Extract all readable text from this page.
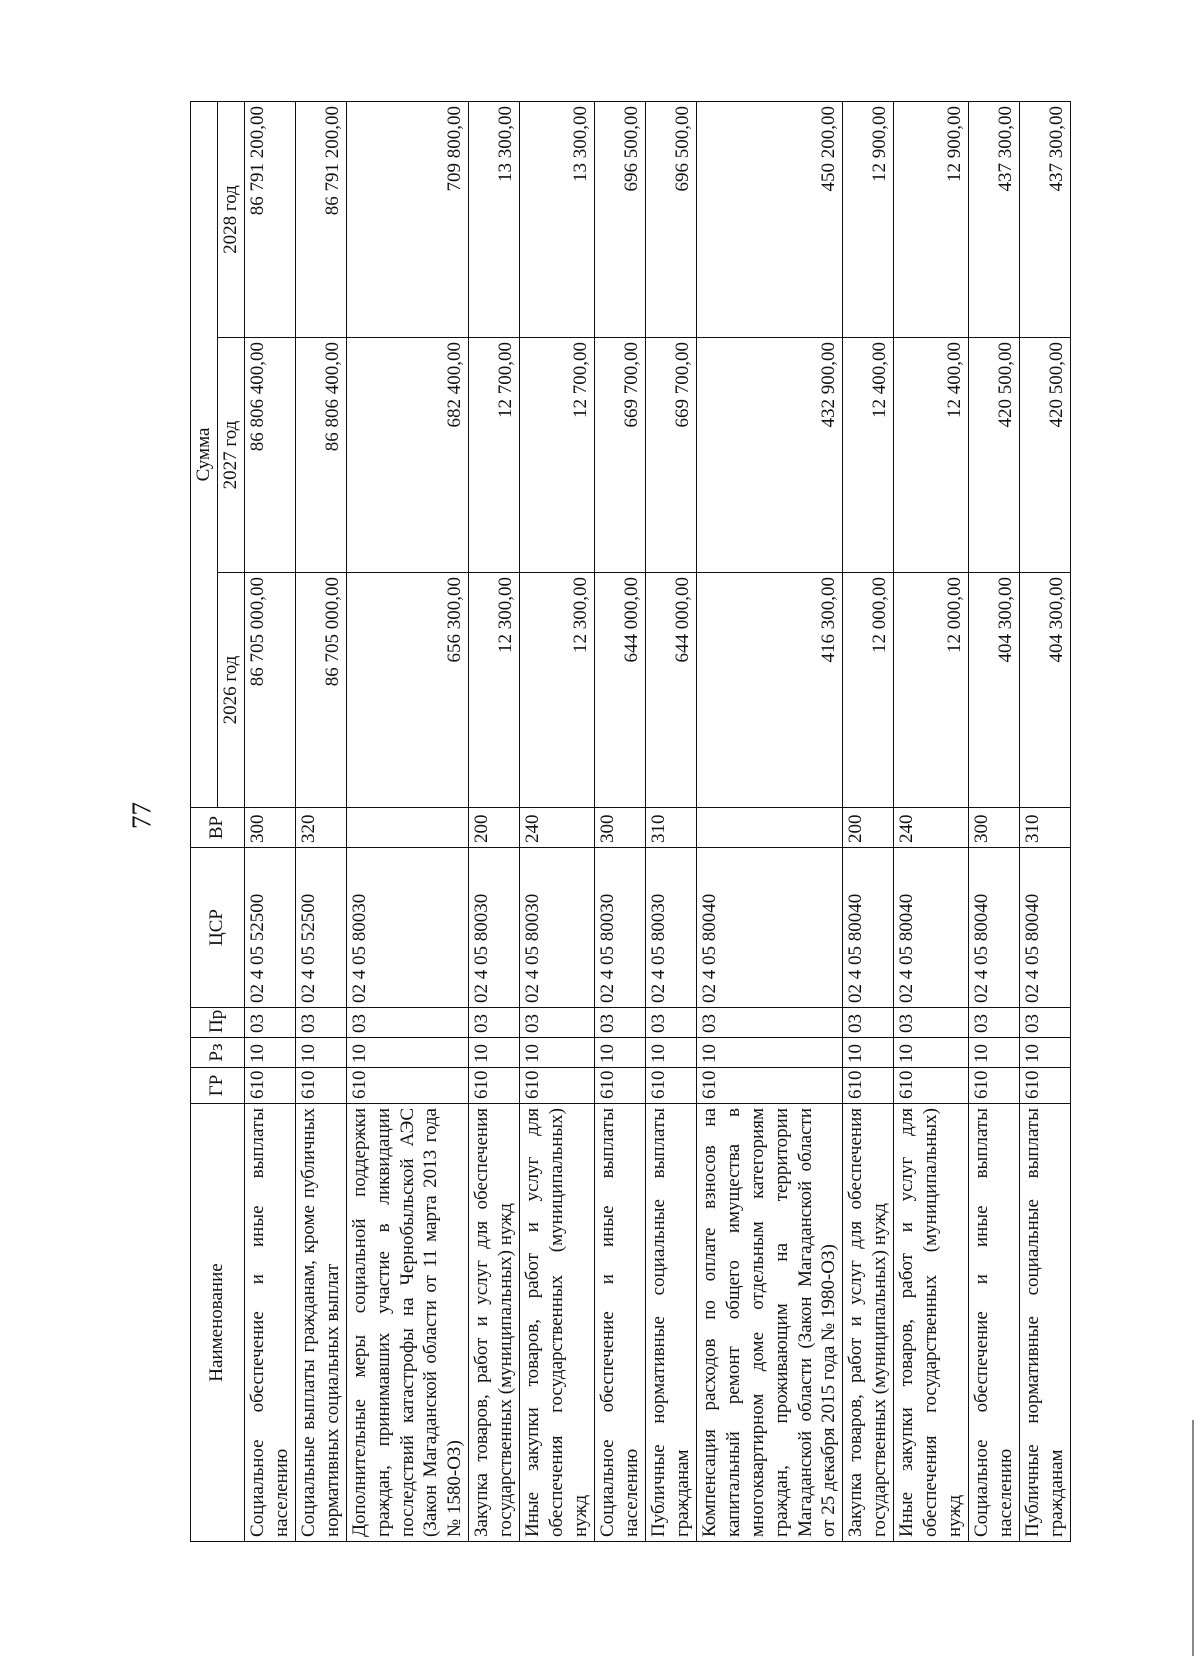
77
Наименование	ГР	Рз	Пр	ЦСР	ВР	Сумма		
						2026 год	2027 год	2028 год
Социальное обеспечение и иные выплаты населению	610	10	03	02 4 05 52500	300	86 705 000,00	86 806 400,00	86 791 200,00
Социальные выплаты гражданам, кроме публичных нормативных социальных выплат	610	10	03	02 4 05 52500	320	86 705 000,00	86 806 400,00	86 791 200,00
Дополнительные меры социальной поддержки граждан, принимавших участие в ликвидации последствий катастрофы на Чернобыльской АЭС (Закон Магаданской области от 11 марта 2013 года № 1580-ОЗ)	610	10	03	02 4 05 80030		656 300,00	682 400,00	709 800,00
Закупка товаров, работ и услуг для обеспечения государственных (муниципальных) нужд	610	10	03	02 4 05 80030	200	12 300,00	12 700,00	13 300,00
Иные закупки товаров, работ и услуг для обеспечения государственных (муниципальных) нужд	610	10	03	02 4 05 80030	240	12 300,00	12 700,00	13 300,00
Социальное обеспечение и иные выплаты населению	610	10	03	02 4 05 80030	300	644 000,00	669 700,00	696 500,00
Публичные нормативные социальные выплаты гражданам	610	10	03	02 4 05 80030	310	644 000,00	669 700,00	696 500,00
Компенсация расходов по оплате взносов на капитальный ремонт общего имущества в многоквартирном доме отдельным категориям граждан, проживающим на территории Магаданской области (Закон Магаданской области от 25 декабря 2015 года № 1980-ОЗ)	610	10	03	02 4 05 80040		416 300,00	432 900,00	450 200,00
Закупка товаров, работ и услуг для обеспечения государственных (муниципальных) нужд	610	10	03	02 4 05 80040	200	12 000,00	12 400,00	12 900,00
Иные закупки товаров, работ и услуг для обеспечения государственных (муниципальных) нужд	610	10	03	02 4 05 80040	240	12 000,00	12 400,00	12 900,00
Социальное обеспечение и иные выплаты населению	610	10	03	02 4 05 80040	300	404 300,00	420 500,00	437 300,00
Публичные нормативные социальные выплаты гражданам	610	10	03	02 4 05 80040	310	404 300,00	420 500,00	437 300,00
